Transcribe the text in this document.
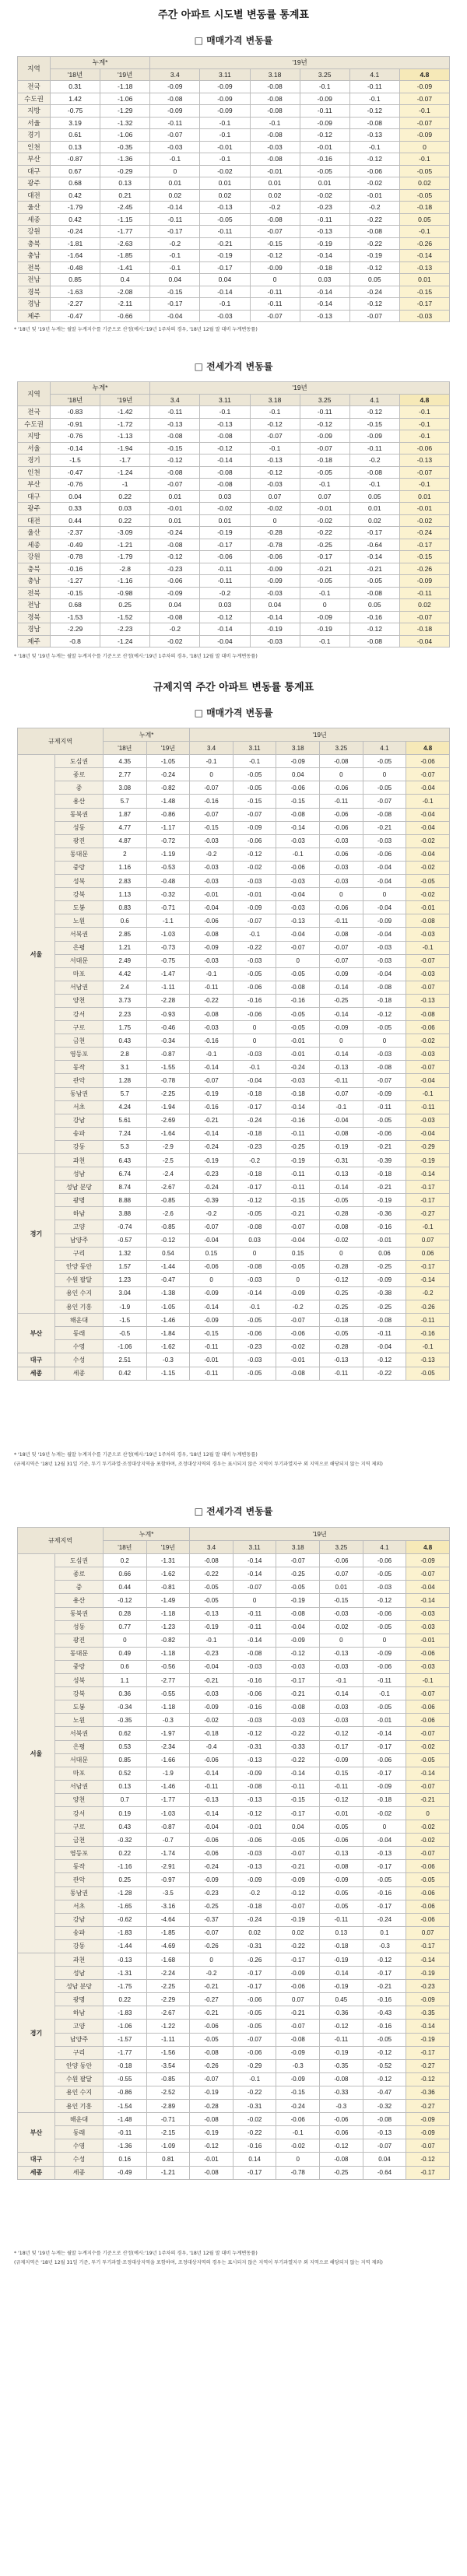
주간 아파트 시도별 변동률 통계표
□ 매매가격 변동률
지역	누계*		'19년					
	'18년	'19년	3.4	3.11	3.18	3.25	4.1	4.8
전국	0.31	-1.18	-0.09	-0.09	-0.08	-0.1	-0.11	-0.09
수도권	1.42	-1.06	-0.08	-0.09	-0.08	-0.09	-0.1	-0.07
지방	-0.75	-1.29	-0.09	-0.09	-0.08	-0.11	-0.12	-0.1
서울	3.19	-1.32	-0.11	-0.1	-0.1	-0.09	-0.08	-0.07
경기	0.61	-1.06	-0.07	-0.1	-0.08	-0.12	-0.13	-0.09
인천	0.13	-0.35	-0.03	-0.01	-0.03	-0.01	-0.1	0
부산	-0.87	-1.36	-0.1	-0.1	-0.08	-0.16	-0.12	-0.1
대구	0.67	-0.29	0	-0.02	-0.01	-0.05	-0.06	-0.05
광주	0.68	0.13	0.01	0.01	0.01	0.01	-0.02	0.02
대전	0.42	0.21	0.02	0.02	0.02	-0.02	-0.01	-0.05
울산	-1.79	-2.45	-0.14	-0.13	-0.2	-0.23	-0.2	-0.18
세종	0.42	-1.15	-0.11	-0.05	-0.08	-0.11	-0.22	0.05
강원	-0.24	-1.77	-0.17	-0.11	-0.07	-0.13	-0.08	-0.1
충북	-1.81	-2.63	-0.2	-0.21	-0.15	-0.19	-0.22	-0.26
충남	-1.64	-1.85	-0.1	-0.19	-0.12	-0.14	-0.19	-0.14
전북	-0.48	-1.41	-0.1	-0.17	-0.09	-0.18	-0.12	-0.13
전남	0.85	0.4	0.04	0.04	0	0.03	0.05	0.01
경북	-1.63	-2.08	-0.15	-0.14	-0.11	-0.14	-0.24	-0.15
경남	-2.27	-2.11	-0.17	-0.1	-0.11	-0.14	-0.12	-0.17
제주	-0.47	-0.66	-0.04	-0.03	-0.07	-0.13	-0.07	-0.03
* '18년 및 '19년 누계는 월말 누계지수를 기준으로 산정(예시:'19년 1주차의 경우, '18년 12월 말 대비 누계변동률)
□ 전세가격 변동률
지역	누계*		'19년					
	'18년	'19년	3.4	3.11	3.18	3.25	4.1	4.8
전국	-0.83	-1.42	-0.11	-0.1	-0.1	-0.11	-0.12	-0.1
수도권	-0.91	-1.72	-0.13	-0.13	-0.12	-0.12	-0.15	-0.1
지방	-0.76	-1.13	-0.08	-0.08	-0.07	-0.09	-0.09	-0.1
서울	-0.14	-1.94	-0.15	-0.12	-0.1	-0.07	-0.11	-0.06
경기	-1.5	-1.7	-0.12	-0.14	-0.13	-0.18	-0.2	-0.13
인천	-0.47	-1.24	-0.08	-0.08	-0.12	-0.05	-0.08	-0.07
부산	-0.76	-1	-0.07	-0.08	-0.03	-0.1	-0.1	-0.1
대구	0.04	0.22	0.01	0.03	0.07	0.07	0.05	0.01
광주	0.33	0.03	-0.01	-0.02	-0.02	-0.01	0.01	-0.01
대전	0.44	0.22	0.01	0.01	0	-0.02	0.02	-0.02
울산	-2.37	-3.09	-0.24	-0.19	-0.28	-0.22	-0.17	-0.24
세종	-0.49	-1.21	-0.08	-0.17	-0.78	-0.25	-0.64	-0.17
강원	-0.78	-1.79	-0.12	-0.06	-0.06	-0.17	-0.14	-0.15
충북	-0.16	-2.8	-0.23	-0.11	-0.09	-0.21	-0.21	-0.26
충남	-1.27	-1.16	-0.06	-0.11	-0.09	-0.05	-0.05	-0.09
전북	-0.15	-0.98	-0.09	-0.2	-0.03	-0.1	-0.08	-0.11
전남	0.68	0.25	0.04	0.03	0.04	0	0.05	0.02
경북	-1.53	-1.52	-0.08	-0.12	-0.14	-0.09	-0.16	-0.07
경남	-2.29	-2.23	-0.2	-0.14	-0.19	-0.19	-0.12	-0.18
제주	-0.8	-1.24	-0.02	-0.04	-0.03	-0.1	-0.08	-0.04
* '18년 및 '19년 누계는 월말 누계지수를 기준으로 산정(예시:'19년 1주차의 경우, '18년 12월 말 대비 누계변동률)
규제지역 주간 아파트 변동률 통계표
□ 매매가격 변동률
규제지역		누계*		'19년					
		'18년	'19년	3.4	3.11	3.18	3.25	4.1	4.8
서울	도심권	4.35	-1.05	-0.1	-0.1	-0.09	-0.08	-0.05	-0.06
	종로	2.77	-0.24	0	-0.05	0.04	0	0	-0.07
	중	3.08	-0.82	-0.07	-0.05	-0.06	-0.06	-0.05	-0.04
	용산	5.7	-1.48	-0.16	-0.15	-0.15	-0.11	-0.07	-0.1
	동북권	1.87	-0.86	-0.07	-0.07	-0.08	-0.06	-0.08	-0.04
	성동	4.77	-1.17	-0.15	-0.09	-0.14	-0.06	-0.21	-0.04
	광진	4.87	-0.72	-0.03	-0.06	-0.03	-0.03	-0.03	-0.02
	동대문	2	-1.19	-0.2	-0.12	-0.1	-0.06	-0.06	-0.04
	중랑	1.16	-0.53	-0.03	-0.02	-0.06	-0.03	-0.04	-0.02
	성북	2.83	-0.48	-0.03	-0.03	-0.03	-0.03	-0.04	-0.05
	강북	1.13	-0.32	-0.01	-0.01	-0.04	0	0	-0.02
	도봉	0.83	-0.71	-0.04	-0.09	-0.03	-0.06	-0.04	-0.01
	노원	0.6	-1.1	-0.06	-0.07	-0.13	-0.11	-0.09	-0.08
	서북권	2.85	-1.03	-0.08	-0.1	-0.04	-0.08	-0.04	-0.03
	은평	1.21	-0.73	-0.09	-0.22	-0.07	-0.07	-0.03	-0.1
	서대문	2.49	-0.75	-0.03	-0.03	0	-0.07	-0.03	-0.07
	마포	4.42	-1.47	-0.1	-0.05	-0.05	-0.09	-0.04	-0.03
	서남권	2.4	-1.11	-0.11	-0.06	-0.08	-0.14	-0.08	-0.07
	양천	3.73	-2.28	-0.22	-0.16	-0.16	-0.25	-0.18	-0.13
	강서	2.23	-0.93	-0.08	-0.06	-0.05	-0.14	-0.12	-0.08
	구로	1.75	-0.46	-0.03	0	-0.05	-0.09	-0.05	-0.06
	금천	0.43	-0.34	-0.16	0	-0.01	0	0	-0.02
	영등포	2.8	-0.87	-0.1	-0.03	-0.01	-0.14	-0.03	-0.03
	동작	3.1	-1.55	-0.14	-0.1	-0.24	-0.13	-0.08	-0.07
	관악	1.28	-0.78	-0.07	-0.04	-0.03	-0.11	-0.07	-0.04
	동남권	5.7	-2.25	-0.19	-0.18	-0.18	-0.07	-0.09	-0.1
	서초	4.24	-1.94	-0.16	-0.17	-0.14	-0.1	-0.11	-0.11
	강남	5.61	-2.69	-0.21	-0.24	-0.16	-0.04	-0.05	-0.03
	송파	7.24	-1.64	-0.14	-0.18	-0.11	-0.08	-0.06	-0.04
	강동	5.3	-2.9	-0.24	-0.23	-0.25	-0.19	-0.21	-0.29
경기	과천	6.43	-2.5	-0.19	-0.2	-0.19	-0.31	-0.39	-0.19
	성남	6.74	-2.4	-0.23	-0.18	-0.11	-0.13	-0.18	-0.14
	성남 분당	8.74	-2.67	-0.24	-0.17	-0.11	-0.14	-0.21	-0.17
	광명	8.88	-0.85	-0.39	-0.12	-0.15	-0.05	-0.19	-0.17
	하남	3.88	-2.6	-0.2	-0.05	-0.21	-0.28	-0.36	-0.27
	고양	-0.74	-0.85	-0.07	-0.08	-0.07	-0.08	-0.16	-0.1
	남양주	-0.57	-0.12	-0.04	0.03	-0.04	-0.02	-0.01	0.07
	구리	1.32	0.54	0.15	0	0.15	0	0.06	0.06
	안양 동안	1.57	-1.44	-0.06	-0.08	-0.05	-0.28	-0.25	-0.17
	수원 팔달	1.23	-0.47	0	-0.03	0	-0.12	-0.09	-0.14
	용인 수지	3.04	-1.38	-0.09	-0.14	-0.09	-0.25	-0.38	-0.2
	용인 기흥	-1.9	-1.05	-0.14	-0.1	-0.2	-0.25	-0.25	-0.26
부산	해운대	-1.5	-1.46	-0.09	-0.05	-0.07	-0.18	-0.08	-0.11
	동래	-0.5	-1.84	-0.15	-0.06	-0.06	-0.05	-0.11	-0.16
	수영	-1.06	-1.62	-0.11	-0.23	-0.02	-0.28	-0.04	-0.1
대구	수성	2.51	-0.3	-0.01	-0.03	-0.01	-0.13	-0.12	-0.13
세종	세종	0.42	-1.15	-0.11	-0.05	-0.08	-0.11	-0.22	-0.05
* '18년 및 '19년 누계는 월말 누계지수를 기준으로 산정(예시:'19년 1주차의 경우, '18년 12월 말 대비 누계변동률)
(규제지역은 '18년 12월 31일 기준, 투기 투기과열·조정대상지역을 포함하며, 조정대상지역의 경우는 표시되지 않은 지역이 투기과열지구 외 지역으로 해당되지 않는 지역 제외)
□ 전세가격 변동률
규제지역		누계*		'19년					
		'18년	'19년	3.4	3.11	3.18	3.25	4.1	4.8
서울	도심권	0.2	-1.31	-0.08	-0.14	-0.07	-0.06	-0.06	-0.09
	종로	0.66	-1.62	-0.22	-0.14	-0.25	-0.07	-0.05	-0.07
	중	0.44	-0.81	-0.05	-0.07	-0.05	0.01	-0.03	-0.04
	용산	-0.12	-1.49	-0.05	0	-0.19	-0.15	-0.12	-0.14
	동북권	0.28	-1.18	-0.13	-0.11	-0.08	-0.03	-0.06	-0.03
	성동	0.77	-1.23	-0.19	-0.11	-0.04	-0.02	-0.05	-0.03
	광진	0	-0.82	-0.1	-0.14	-0.09	0	0	-0.01
	동대문	0.49	-1.18	-0.23	-0.08	-0.12	-0.13	-0.09	-0.06
	중랑	0.6	-0.56	-0.04	-0.03	-0.03	-0.03	-0.06	-0.03
	성북	1.1	-2.77	-0.21	-0.16	-0.17	-0.1	-0.11	-0.1
	강북	0.36	-0.55	-0.03	-0.06	-0.21	-0.14	-0.1	-0.07
	도봉	-0.34	-1.18	-0.09	-0.16	-0.08	-0.03	-0.05	-0.06
	노원	-0.35	-0.3	-0.02	-0.03	-0.03	-0.03	-0.01	-0.06
	서북권	0.62	-1.97	-0.18	-0.12	-0.22	-0.12	-0.14	-0.07
	은평	0.53	-2.34	-0.4	-0.31	-0.33	-0.17	-0.17	-0.02
	서대문	0.85	-1.66	-0.06	-0.13	-0.22	-0.09	-0.06	-0.05
	마포	0.52	-1.9	-0.14	-0.09	-0.14	-0.15	-0.17	-0.14
	서남권	0.13	-1.46	-0.11	-0.08	-0.11	-0.11	-0.09	-0.07
	양천	0.7	-1.77	-0.13	-0.13	-0.15	-0.12	-0.18	-0.21
	강서	0.19	-1.03	-0.14	-0.12	-0.17	-0.01	-0.02	0
	구로	0.43	-0.87	-0.04	-0.01	0.04	-0.05	0	-0.02
	금천	-0.32	-0.7	-0.06	-0.06	-0.05	-0.06	-0.04	-0.02
	영등포	0.22	-1.74	-0.06	-0.03	-0.07	-0.13	-0.13	-0.07
	동작	-1.16	-2.91	-0.24	-0.13	-0.21	-0.08	-0.17	-0.06
	관악	0.25	-0.97	-0.09	-0.09	-0.09	-0.09	-0.05	-0.05
	동남권	-1.28	-3.5	-0.23	-0.2	-0.12	-0.05	-0.16	-0.06
	서초	-1.65	-3.16	-0.25	-0.18	-0.07	-0.05	-0.17	-0.06
	강남	-0.62	-4.64	-0.37	-0.24	-0.19	-0.11	-0.24	-0.06
	송파	-1.83	-1.85	-0.07	0.02	0.02	0.13	0.1	0.07
	강동	-1.44	-4.69	-0.26	-0.31	-0.22	-0.18	-0.3	-0.17
경기	과천	-0.13	-1.68	0	-0.26	-0.17	-0.19	-0.12	-0.14
	성남	-1.31	-2.24	-0.2	-0.17	-0.09	-0.14	-0.17	-0.19
	성남 분당	-1.75	-2.25	-0.21	-0.17	-0.06	-0.19	-0.21	-0.23
	광명	0.22	-2.29	-0.27	-0.06	0.07	0.45	-0.16	-0.09
	하남	-1.83	-2.67	-0.21	-0.05	-0.21	-0.36	-0.43	-0.35
	고양	-1.06	-1.22	-0.06	-0.05	-0.07	-0.12	-0.16	-0.14
	남양주	-1.57	-1.11	-0.05	-0.07	-0.08	-0.11	-0.05	-0.19
	구리	-1.77	-1.56	-0.08	-0.06	-0.09	-0.19	-0.12	-0.17
	안양 동안	-0.18	-3.54	-0.26	-0.29	-0.3	-0.35	-0.52	-0.27
	수원 팔달	-0.55	-0.85	-0.07	-0.1	-0.09	-0.08	-0.12	-0.12
	용인 수지	-0.86	-2.52	-0.19	-0.22	-0.15	-0.33	-0.47	-0.36
	용인 기흥	-1.54	-2.89	-0.28	-0.31	-0.24	-0.3	-0.32	-0.27
부산	해운대	-1.48	-0.71	-0.08	-0.02	-0.06	-0.06	-0.08	-0.09
	동래	-0.11	-2.15	-0.19	-0.22	-0.1	-0.06	-0.13	-0.09
	수영	-1.36	-1.09	-0.12	-0.16	-0.02	-0.12	-0.07	-0.07
대구	수성	0.16	0.81	-0.01	0.14	0	-0.08	0.04	-0.12
세종	세종	-0.49	-1.21	-0.08	-0.17	-0.78	-0.25	-0.64	-0.17
* '18년 및 '19년 누계는 월말 누계지수를 기준으로 산정(예시:'19년 1주차의 경우, '18년 12월 말 대비 누계변동률)
(규제지역은 '18년 12월 31일 기준, 투기 투기과열·조정대상지역을 포함하며, 조정대상지역의 경우는 표시되지 않은 지역이 투기과열지구 외 지역으로 해당되지 않는 지역 제외)
